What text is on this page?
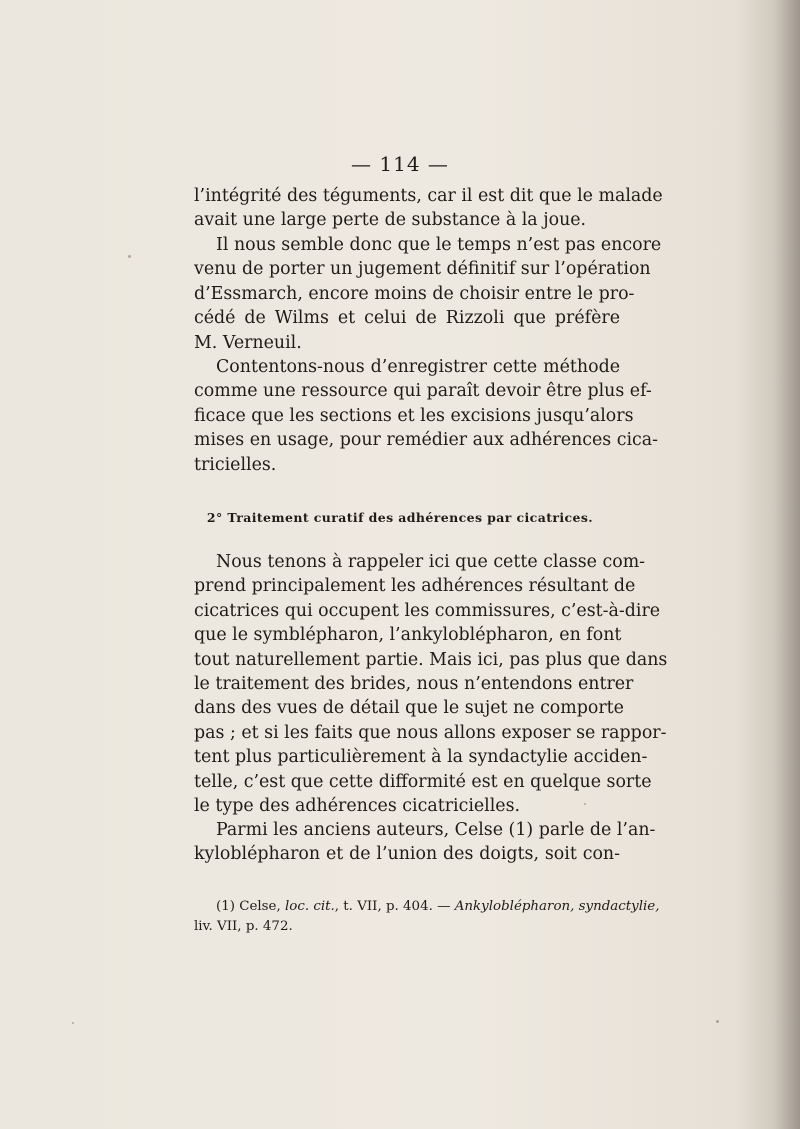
— 114 —
l’intégrité des téguments, car il est dit que le malade
avait une large perte de substance à la joue.
Il nous semble donc que le temps n’est pas encore
venu de porter un jugement définitif sur l’opération
d’Essmarch, encore moins de choisir entre le pro-
cédé de Wilms et celui de Rizzoli que préfère
M. Verneuil.
Contentons-nous d’enregistrer cette méthode
comme une ressource qui paraît devoir être plus ef-
ficace que les sections et les excisions jusqu’alors
mises en usage, pour remédier aux adhérences cica-
tricielles.
2° Traitement curatif des adhérences par cicatrices.
Nous tenons à rappeler ici que cette classe com-
prend principalement les adhérences résultant de
cicatrices qui occupent les commissures, c’est-à-dire
que le symblépharon, l’ankyloblépharon, en font
tout naturellement partie. Mais ici, pas plus que dans
le traitement des brides, nous n’entendons entrer
dans des vues de détail que le sujet ne comporte
pas ; et si les faits que nous allons exposer se rappor-
tent plus particulièrement à la syndactylie acciden-
telle, c’est que cette difformité est en quelque sorte
le type des adhérences cicatricielles.
Parmi les anciens auteurs, Celse (1) parle de l’an-
kyloblépharon et de l’union des doigts, soit con-
(1) Celse, loc. cit., t. VII, p. 404. — Ankyloblépharon, syndactylie,
liv. VII, p. 472.
